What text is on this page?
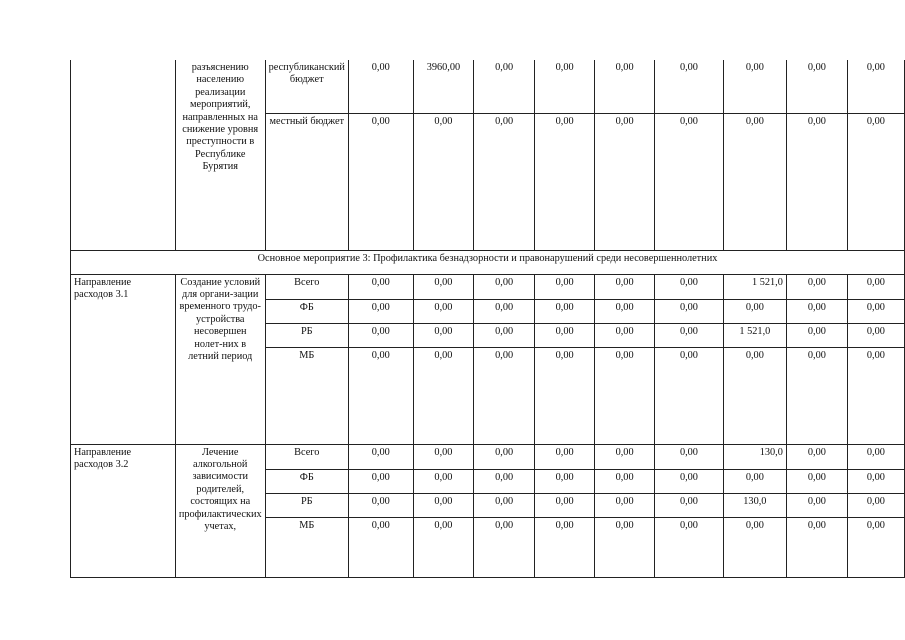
	разъяснению населению реализации мероприятий, направленных на снижение уровня преступности в Республике Бурятия	республиканский бюджет	0,00	3960,00	0,00	0,00	0,00	0,00	0,00	0,00	0,00
		местный бюджет	0,00	0,00	0,00	0,00	0,00	0,00	0,00	0,00	0,00
Основное мероприятие 3: Профилактика безнадзорности и правонарушений среди несовершеннолетних											
Направление расходов 3.1	Создание условий для органи-зации временного трудо-устройства несовершен нолет-них в летний период	Всего	0,00	0,00	0,00	0,00	0,00	0,00	1 521,0	0,00	0,00
		ФБ	0,00	0,00	0,00	0,00	0,00	0,00	0,00	0,00	0,00
		РБ	0,00	0,00	0,00	0,00	0,00	0,00	1 521,0	0,00	0,00
		МБ	0,00	0,00	0,00	0,00	0,00	0,00	0,00	0,00	0,00
Направление расходов 3.2	Лечение алкогольной зависимости родителей, состоящих на профилактических учетах,	Всего	0,00	0,00	0,00	0,00	0,00	0,00	130,0	0,00	0,00
		ФБ	0,00	0,00	0,00	0,00	0,00	0,00	0,00	0,00	0,00
		РБ	0,00	0,00	0,00	0,00	0,00	0,00	130,0	0,00	0,00
		МБ	0,00	0,00	0,00	0,00	0,00	0,00	0,00	0,00	0,00
